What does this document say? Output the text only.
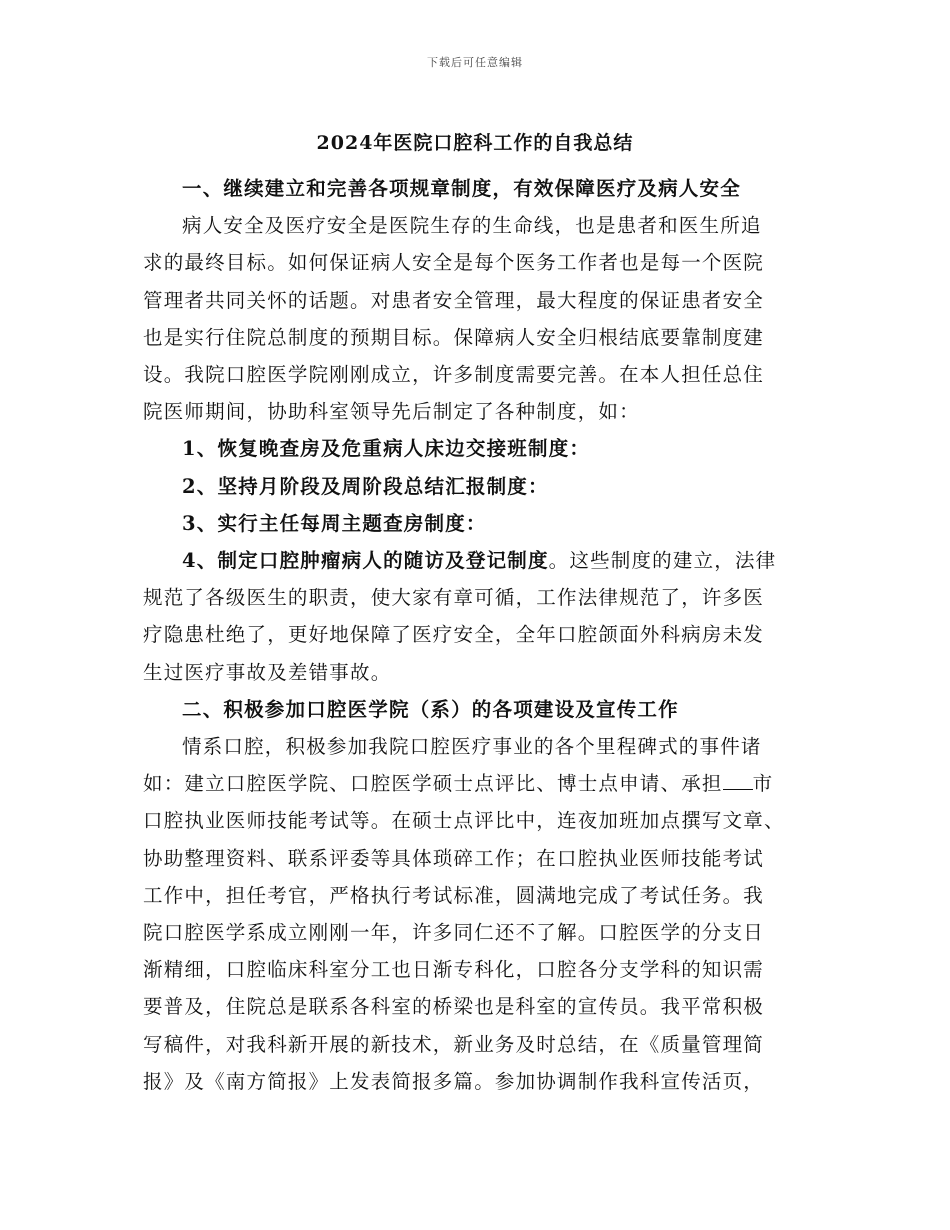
下载后可任意编辑
2024年医院口腔科工作的自我总结

一、继续建立和完善各项规章制度，有效保障医疗及病人安全

病人安全及医疗安全是医院生存的生命线，也是患者和医生所追
求的最终目标。如何保证病人安全是每个医务工作者也是每一个医院
管理者共同关怀的话题。对患者安全管理，最大程度的保证患者安全
也是实行住院总制度的预期目标。保障病人安全归根结底要靠制度建
设。我院口腔医学院刚刚成立，许多制度需要完善。在本人担任总住
院医师期间，协助科室领导先后制定了各种制度，如：

1、恢复晚查房及危重病人床边交接班制度：

2、坚持月阶段及周阶段总结汇报制度：

3、实行主任每周主题查房制度：

4、制定口腔肿瘤病人的随访及登记制度。这些制度的建立，法律
规范了各级医生的职责，使大家有章可循，工作法律规范了，许多医
疗隐患杜绝了，更好地保障了医疗安全，全年口腔颌面外科病房未发
生过医疗事故及差错事故。

二、积极参加口腔医学院（系）的各项建设及宣传工作

情系口腔，积极参加我院口腔医疗事业的各个里程碑式的事件诸
如：建立口腔医学院、口腔医学硕士点评比、博士点申请、承担 市
口腔执业医师技能考试等。在硕士点评比中，连夜加班加点撰写文章、
协助整理资料、联系评委等具体琐碎工作；在口腔执业医师技能考试
工作中，担任考官，严格执行考试标准，圆满地完成了考试任务。我
院口腔医学系成立刚刚一年，许多同仁还不了解。口腔医学的分支日
渐精细，口腔临床科室分工也日渐专科化，口腔各分支学科的知识需
要普及，住院总是联系各科室的桥梁也是科室的宣传员。我平常积极
写稿件，对我科新开展的新技术，新业务及时总结，在《质量管理简
报》及《南方简报》上发表简报多篇。参加协调制作我科宣传活页，
